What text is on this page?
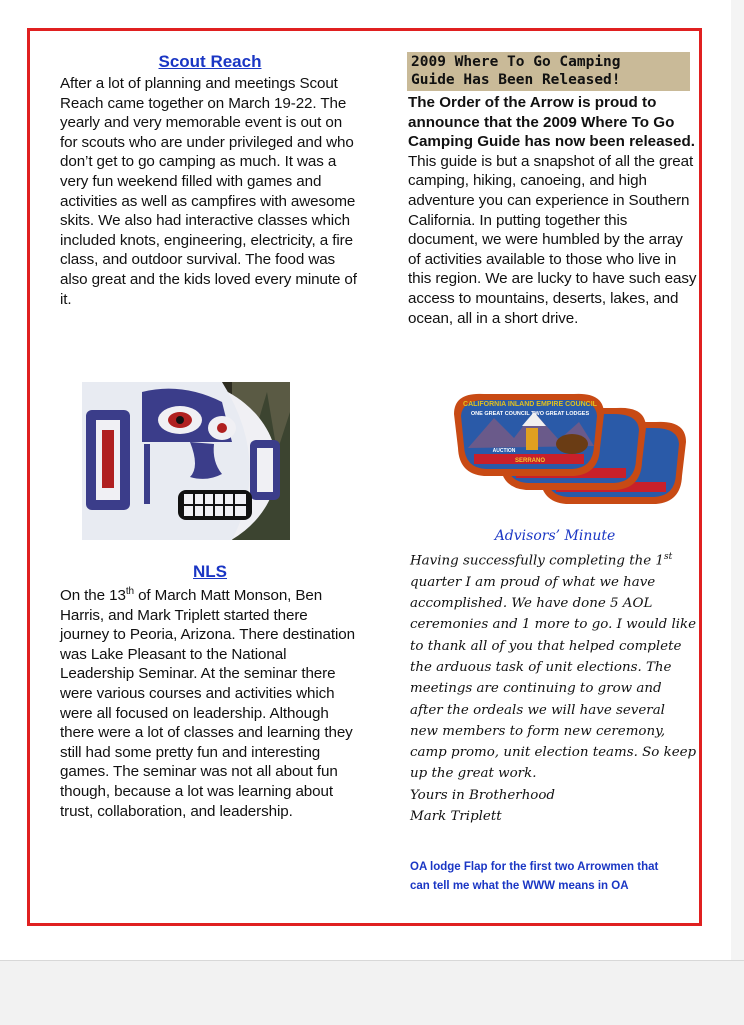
Scout Reach

After a lot of planning and meetings Scout Reach came together on March 19-22. The yearly and very memorable event is out on for scouts who are under privileged and who don’t get to go camping as much. It was a very fun weekend filled with games and activities as well as campfires with awesome skits. We also had interactive classes which included knots, engineering, electricity, a fire class, and outdoor survival. The food was also great and the kids loved every minute of it.

NLS

On the 13th of March Matt Monson, Ben Harris, and Mark Triplett started there journey to Peoria, Arizona. There destination was Lake Pleasant to the National Leadership Seminar. At the seminar there were various courses and activities which were all focused on leadership. Although there were a lot of classes and learning they still had some pretty fun and interesting games. The seminar was not all about fun though, because a lot was learning about trust, collaboration, and leadership.

2009 Where To Go Camping
Guide Has Been Released!

The Order of the Arrow is proud to announce that the 2009 Where To Go Camping Guide has now been released.

This guide is but a snapshot of all the great camping, hiking, canoeing, and high adventure you can experience in Southern California. In putting together this document, we were humbled by the array of activities available to those who live in this region. We are lucky to have such easy access to mountains, deserts, lakes, and ocean, all in a short drive.

CALIFORNIA INLAND EMPIRE COUNCIL
ONE GREAT COUNCIL TWO GREAT LODGES
AUCTION
SERRANO
Advisors’ Minute

Having successfully completing the 1st

quarter I am proud of what we have

accomplished. We have done 5 AOL

ceremonies and 1 more to go. I would like

to thank all of you that helped complete

the arduous task of unit elections. The

meetings are continuing to grow and

after the ordeals we will have several

new members to form new ceremony,

camp promo, unit election teams. So keep

up the great work.

Yours in Brotherhood

Mark Triplett

OA lodge Flap for the first two Arrowmen that
can tell me what the WWW means in OA
